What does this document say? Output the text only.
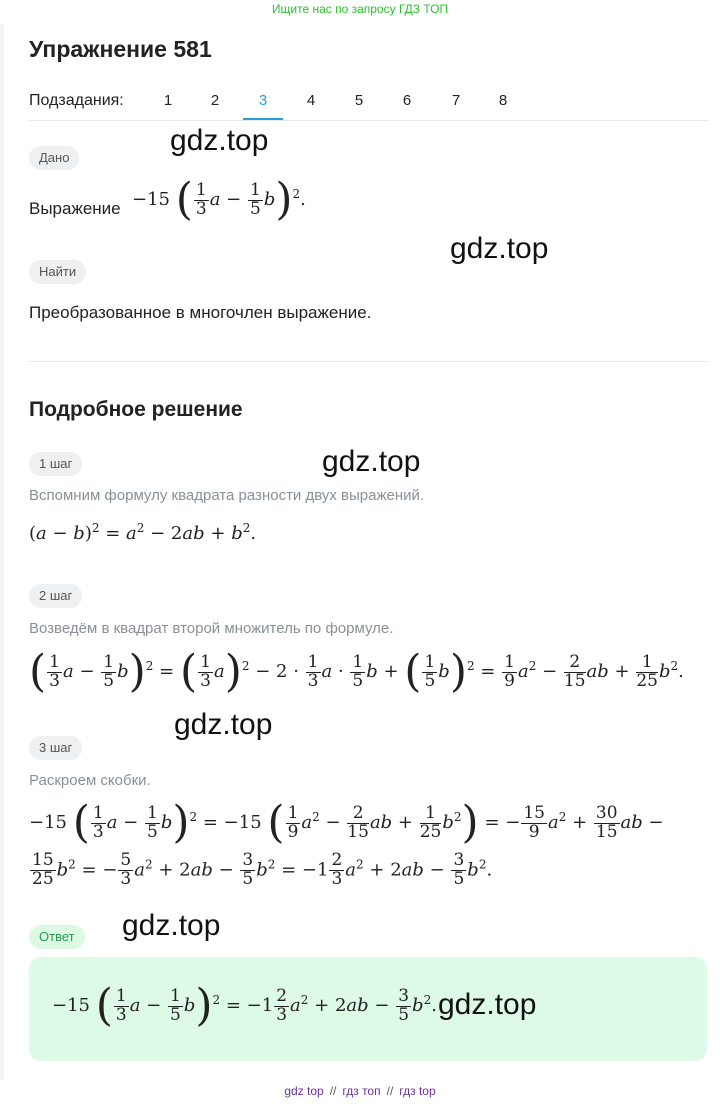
Ищите нас по запросу ГДЗ ТОП
Упражнение 581
Подзадания:	1	2	3	4	5	6	7	8
Дано
Выражение −15 ( $\frac{1}{3}$ $a - \frac{1}{5} b)^2$.
Найти
Преобразованное в многочлен выражение.
Подробное решение
1 шаг
Вспомним формулу квадрата разности двух выражений.
$(a - b)^2 = a^2 - 2ab + b^2$.
2 шаг
Возведём в квадрат второй множитель по формуле.
( $\frac{1}{3}$ $a - \frac{1}{5} b)^2$ = ( $\frac{1}{3} a)^2 - 2 \cdot \frac{1}{3}$ $a \cdot \frac{1}{5}$ b + ( $\frac{1}{5} b)^2 = \frac{1}{9} a^2 - \frac{2}{15}$ ab + $\frac{1}{25} b^2$.
3 шаг
Раскроем скобки.
−15 ( $\frac{1}{3}$ $a - \frac{1}{5} b)^2 = -15$ ( $\frac{1}{9} a^2 - \frac{2}{15}$ ab + $\frac{1}{25} b^2$) = − $\frac{15}{9} a^2 + \frac{30}{15}$ ab −
$\frac{15}{25} b^2$ = − $\frac{5}{3} a^2 + 2ab - \frac{3}{5} b^2 = -1 \frac{2}{3} a^2 + 2ab - \frac{3}{5} b^2$.
Ответ
−15 ( $\frac{1}{3}$ $a - \frac{1}{5} b)^2 = -1 \frac{2}{3} a^2 + 2ab - \frac{3}{5} b^2$.
gdz.top
gdz.top
gdz.top
gdz.top
gdz.top
gdz.top
gdz top // гдз топ // гдз top
